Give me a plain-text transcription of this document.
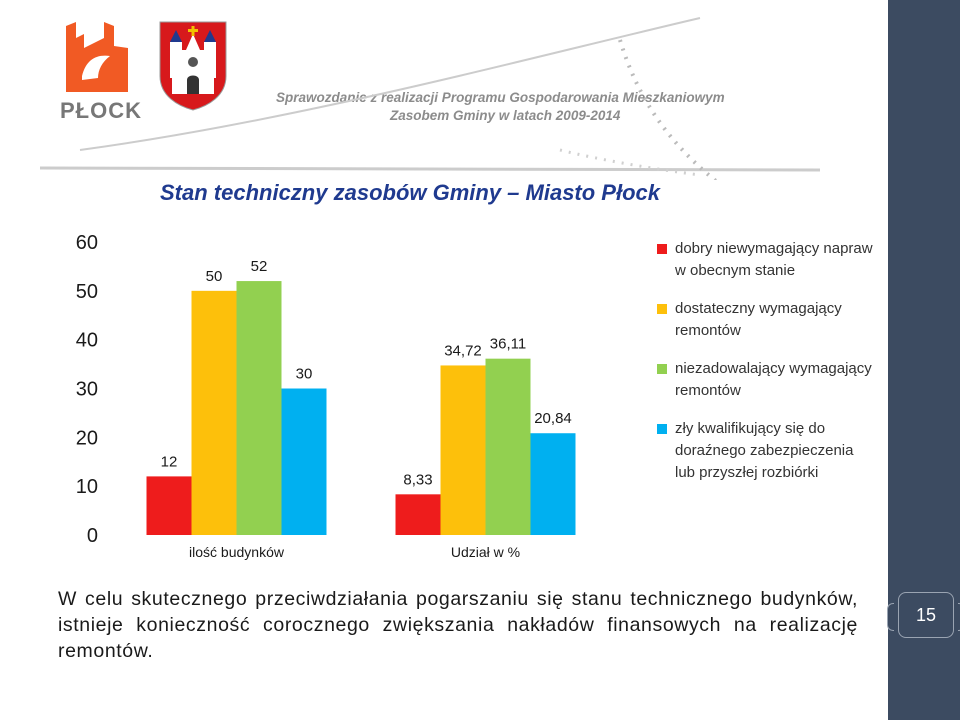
15
PŁOCK
Sprawozdanie z realizacji Programu Gospodarowania Mieszkaniowym
Zasobem Gminy w latach 2009-2014
Stan techniczny zasobów Gminy – Miasto Płock
0
10
20
30
40
50
60
12
50
52
30
ilość budynków
8,33
34,72 36,11
20,84
Udział w %
dobry niewymagający napraw w obecnym stanie
dostateczny wymagający remontów
niezadowalający wymagający remontów
zły kwalifikujący się do doraźnego zabezpieczenia lub przyszłej rozbiórki
W celu skutecznego przeciwdziałania pogarszaniu się stanu technicznego budynków, istnieje konieczność corocznego zwiększania nakładów finansowych na realizację remontów.
